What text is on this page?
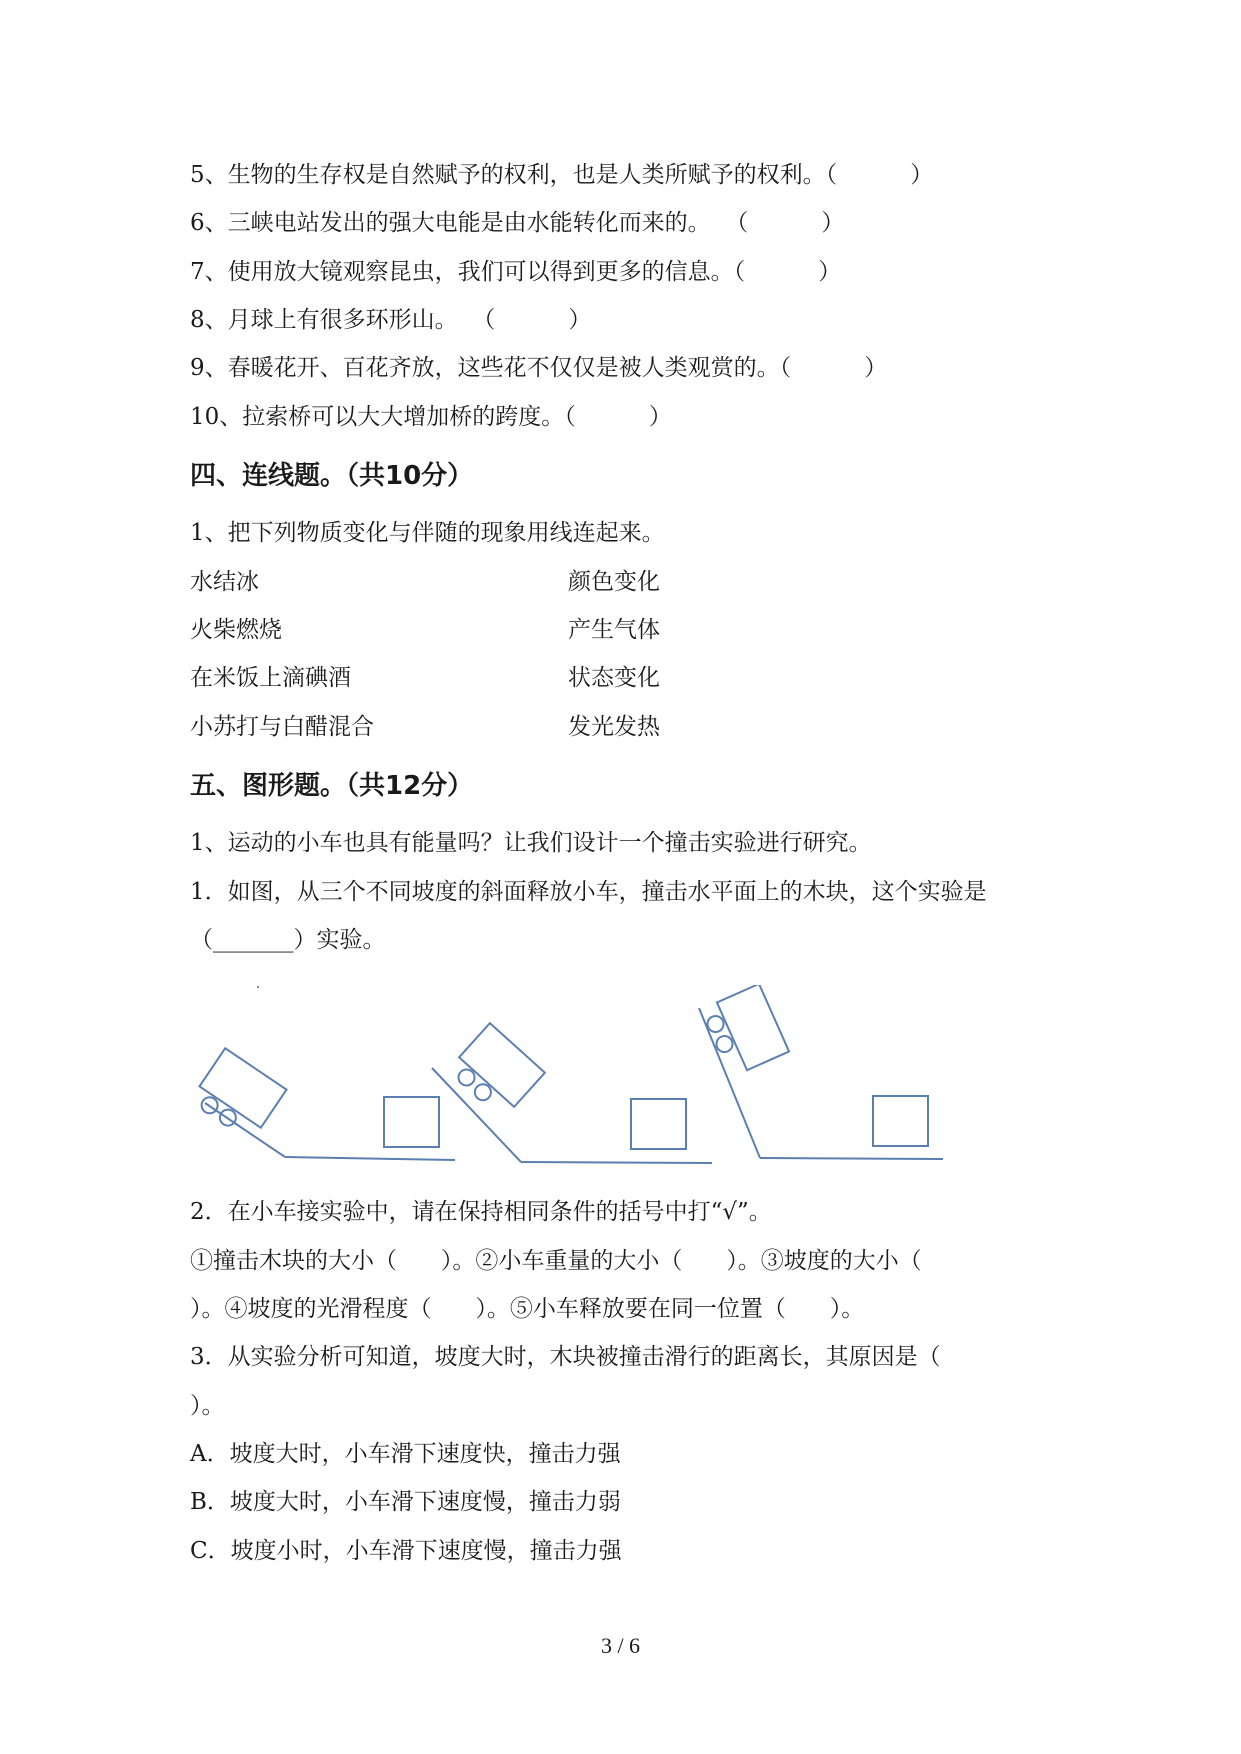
5、生物的生存权是自然赋予的权利，也是人类所赋予的权利。（          ）
6、三峡电站发出的强大电能是由水能转化而来的。  （          ）
7、使用放大镜观察昆虫，我们可以得到更多的信息。（          ）
8、月球上有很多环形山。  （          ）
9、春暖花开、百花齐放，这些花不仅仅是被人类观赏的。（          ）
10、拉索桥可以大大增加桥的跨度。（          ）
四、连线题。（共10分）
1、把下列物质变化与伴随的现象用线连起来。
水结冰
火柴燃烧
在米饭上滴碘酒
小苏打与白醋混合
颜色变化
产生气体
状态变化
发光发热
五、图形题。（共12分）
1、运动的小车也具有能量吗？让我们设计一个撞击实验进行研究。
1．如图，从三个不同坡度的斜面释放小车，撞击水平面上的木块，这个实验是
（_______）实验。
2．在小车接实验中，请在保持相同条件的括号中打“√”。
①撞击木块的大小（      ）。②小车重量的大小（      ）。③坡度的大小（
）。④坡度的光滑程度（      ）。⑤小车释放要在同一位置（      ）。
3．从实验分析可知道，坡度大时，木块被撞击滑行的距离长，其原因是（
）。
A．坡度大时，小车滑下速度快，撞击力强
B．坡度大时，小车滑下速度慢，撞击力弱
C．坡度小时，小车滑下速度慢，撞击力强
3 / 6
